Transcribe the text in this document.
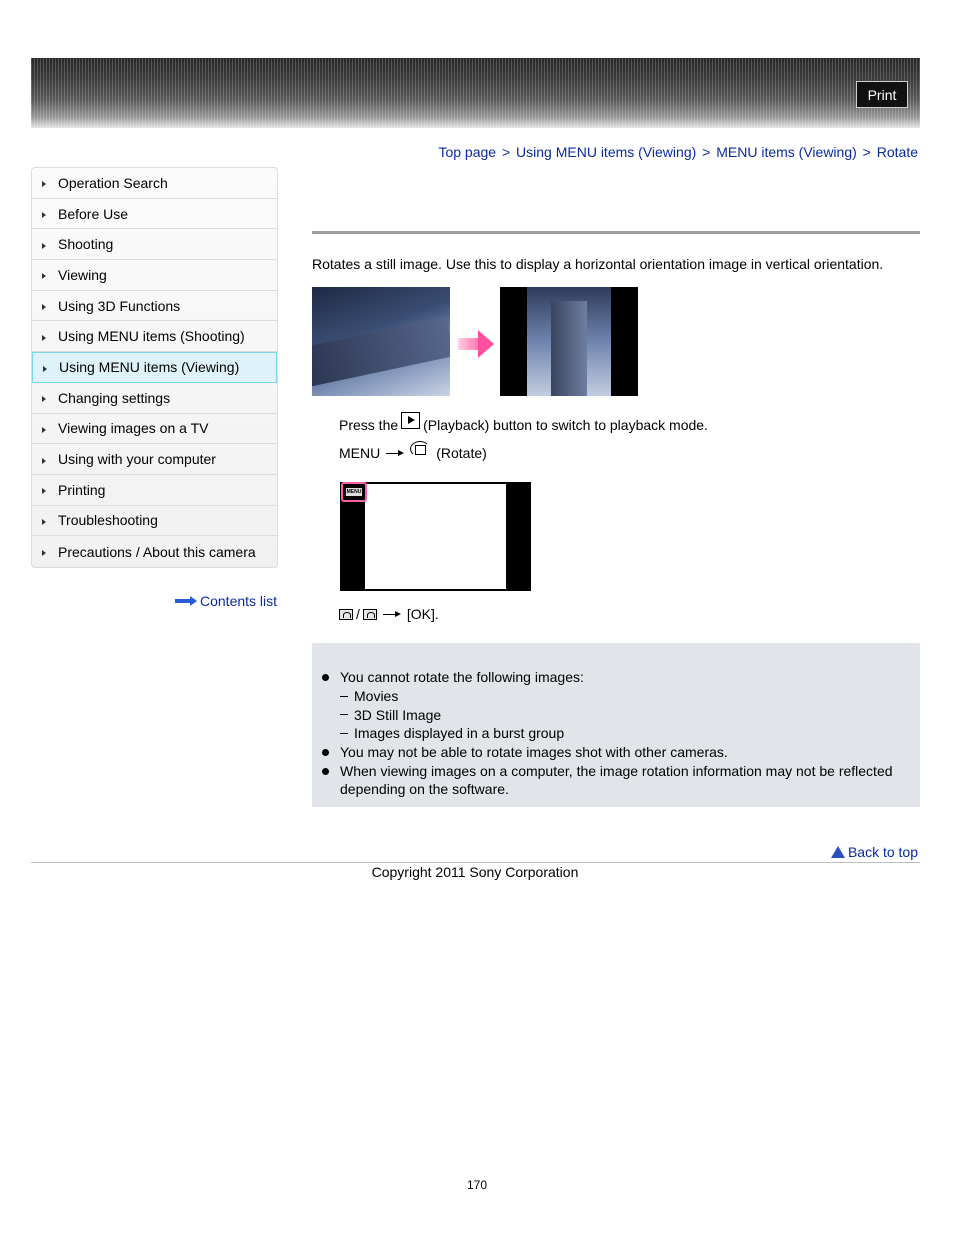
Print
Top page > Using MENU items (Viewing) > MENU items (Viewing) > Rotate
Operation Search
Before Use
Shooting
Viewing
Using 3D Functions
Using MENU items (Shooting)
Using MENU items (Viewing)
Changing settings
Viewing images on a TV
Using with your computer
Printing
Troubleshooting
Precautions / About this camera
Contents list
Rotates a still image. Use this to display a horizontal orientation image in vertical orientation.
Press the (Playback) button to switch to playback mode.
MENU	(Rotate)
MENU
/	[OK].
You cannot rotate the following images:
Movies
3D Still Image
Images displayed in a burst group
You may not be able to rotate images shot with other cameras.
When viewing images on a computer, the image rotation information may not be reflected
depending on the software.
Back to top
Copyright 2011 Sony Corporation
170
